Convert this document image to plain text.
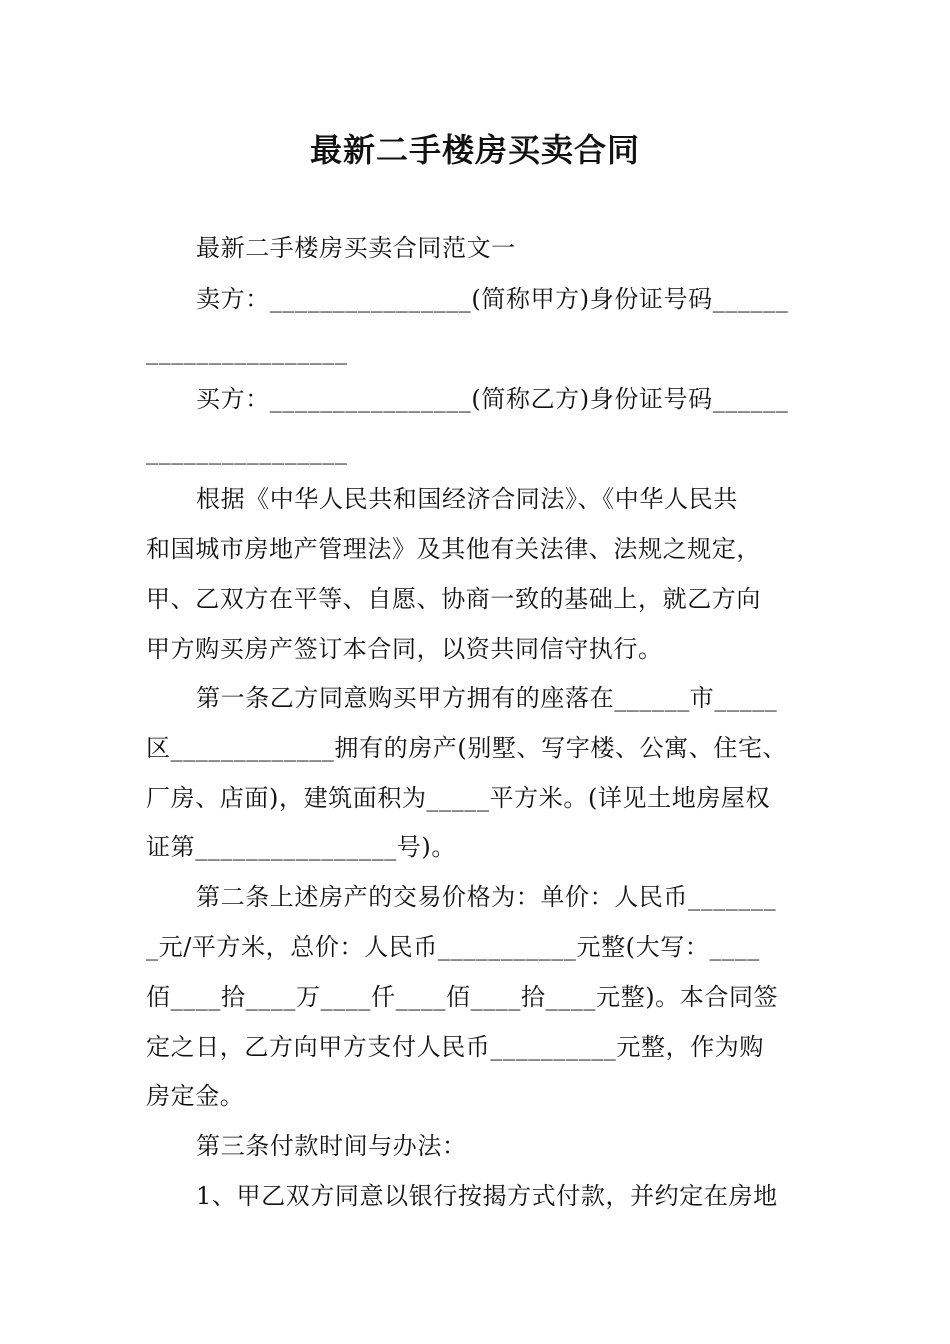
最新二手楼房买卖合同

最新二手楼房买卖合同范文一

卖方：________________(简称甲方)身份证号码______

________________

买方：________________(简称乙方)身份证号码______

________________

根据《中华人民共和国经济合同法》、《中华人民共

和国城市房地产管理法》及其他有关法律、法规之规定，

甲、乙双方在平等、自愿、协商一致的基础上，就乙方向

甲方购买房产签订本合同，以资共同信守执行。

第一条乙方同意购买甲方拥有的座落在______市_____

区_____________拥有的房产(别墅、写字楼、公寓、住宅、

厂房、店面)，建筑面积为_____平方米。(详见土地房屋权

证第________________号)。

第二条上述房产的交易价格为：单价：人民币_______

_元/平方米，总价：人民币___________元整(大写：____

佰____拾____万____仟____佰____拾____元整)。本合同签

定之日，乙方向甲方支付人民币__________元整，作为购

房定金。

第三条付款时间与办法：

1、甲乙双方同意以银行按揭方式付款，并约定在房地
